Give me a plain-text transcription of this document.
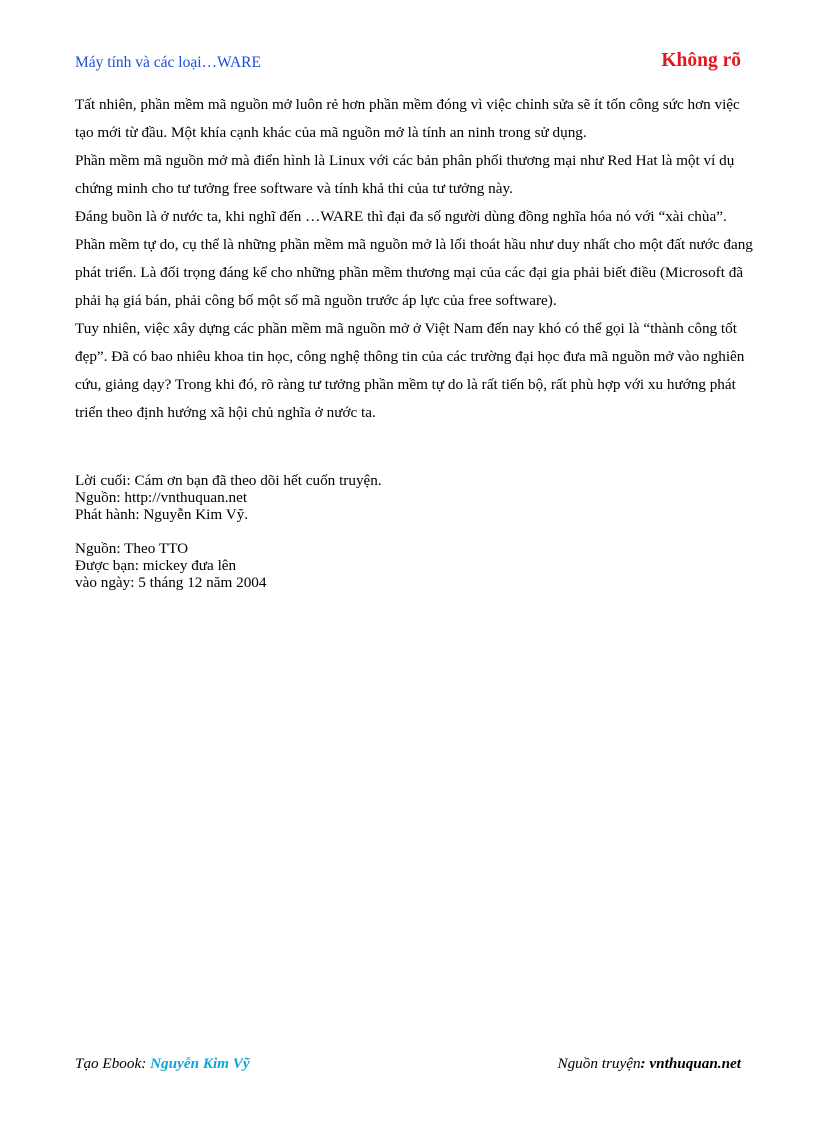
Máy tính và các loại…WARE	Không rõ

Tất nhiên, phần mềm mã nguồn mở luôn rẻ hơn phần mềm đóng vì việc chỉnh sửa sẽ ít tốn công sức hơn việc tạo mới từ đầu. Một khía cạnh khác của mã nguồn mở là tính an ninh trong sử dụng.

Phần mềm mã nguồn mở mà điển hình là Linux với các bản phân phối thương mại như Red Hat là một ví dụ chứng minh cho tư tưởng free software và tính khả thi của tư tưởng này.

Đáng buồn là ở nước ta, khi nghĩ đến …WARE thì đại đa số người dùng đồng nghĩa hóa nó với “xài chùa”. Phần mềm tự do, cụ thể là những phần mềm mã nguồn mở là lối thoát hầu như duy nhất cho một đất nước đang phát triển. Là đối trọng đáng kể cho những phần mềm thương mại của các đại gia phải biết điều (Microsoft đã phải hạ giá bán, phải công bố một số mã nguồn trước áp lực của free software).

Tuy nhiên, việc xây dựng các phần mềm mã nguồn mở ở Việt Nam đến nay khó có thể gọi là “thành công tốt đẹp”. Đã có bao nhiêu khoa tin học, công nghệ thông tin của các trường đại học đưa mã nguồn mở vào nghiên cứu, giảng dạy? Trong khi đó, rõ ràng tư tưởng phần mềm tự do là rất tiến bộ, rất phù hợp với xu hướng phát triển theo định hướng xã hội chủ nghĩa ở nước ta.

Lời cuối: Cám ơn bạn đã theo dõi hết cuốn truyện.
Nguồn: http://vnthuquan.net
Phát hành: Nguyễn Kim Vỹ.
Nguồn: Theo TTO
Được bạn: mickey đưa lên
vào ngày: 5 tháng 12 năm 2004
Tạo Ebook: Nguyễn Kim Vỹ	Nguồn truyện: vnthuquan.net
